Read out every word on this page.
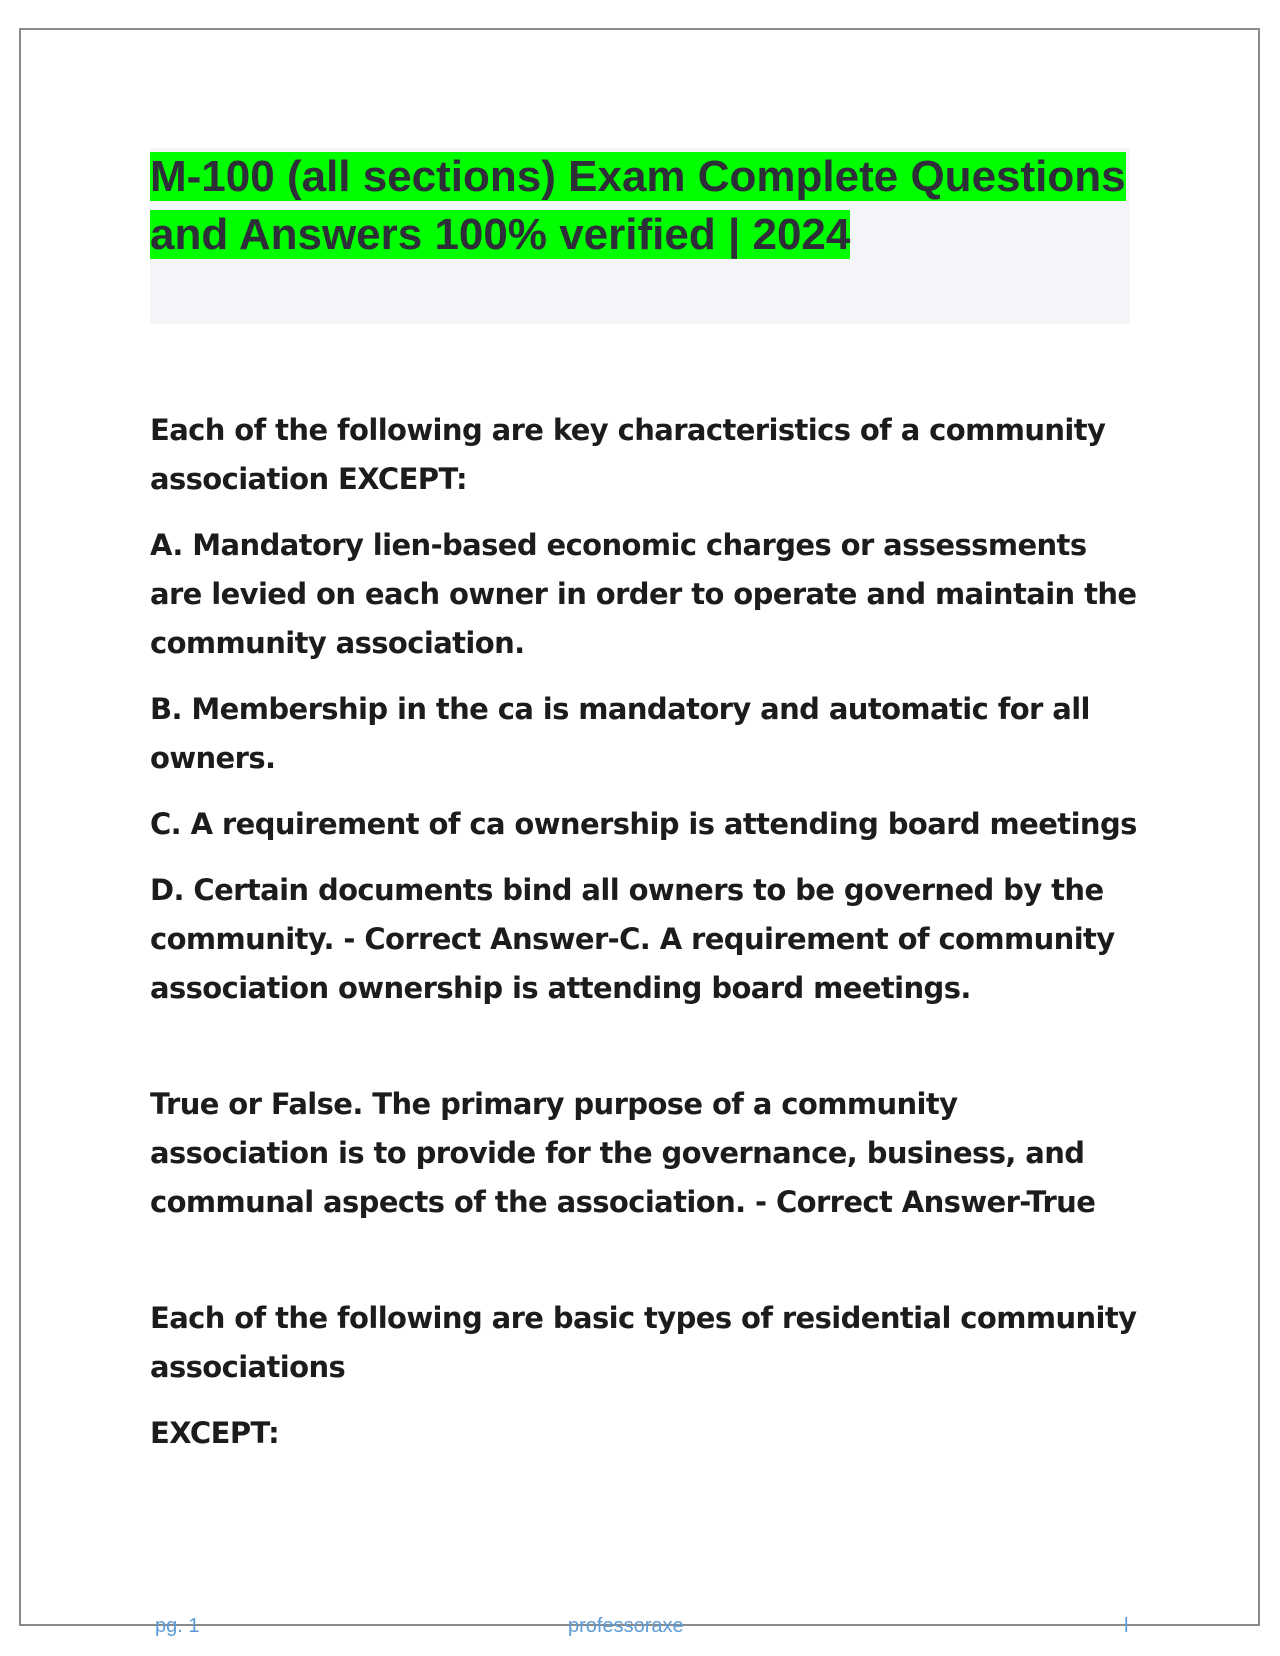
M-100 (all sections) Exam Complete Questions and Answers 100% verified | 2024

Each of the following are key characteristics of a community association EXCEPT:

A. Mandatory lien-based economic charges or assessments are levied on each owner in order to operate and maintain the community association.

B. Membership in the ca is mandatory and automatic for all owners.

C. A requirement of ca ownership is attending board meetings

D. Certain documents bind all owners to be governed by the community. - Correct Answer-C. A requirement of community association ownership is attending board meetings.

True or False. The primary purpose of a community association is to provide for the governance, business, and communal aspects of the association. - Correct Answer-True

Each of the following are basic types of residential community associations

EXCEPT:

pg. 1	professoraxe	l
